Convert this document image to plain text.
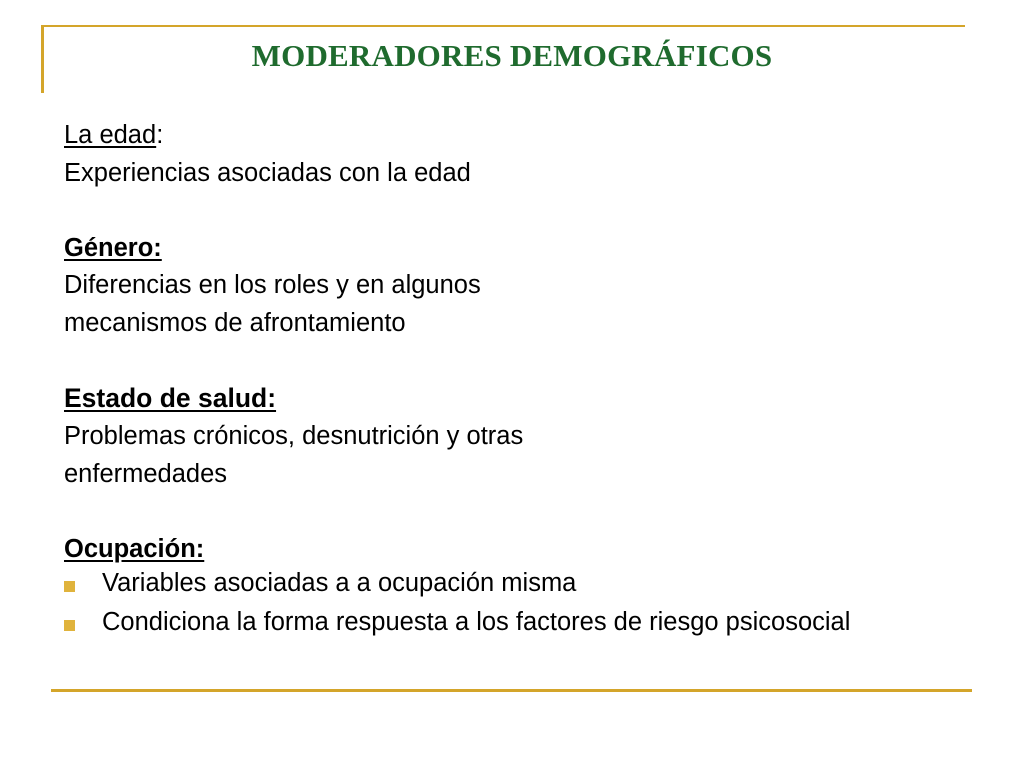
MODERADORES DEMOGRÁFICOS
La edad:
Experiencias asociadas con la edad
Género:
Diferencias en los roles y en algunos
mecanismos de afrontamiento
Estado de salud:
Problemas crónicos, desnutrición y otras
enfermedades
Ocupación:
Variables asociadas a a ocupación misma
Condiciona la forma respuesta a los factores de riesgo psicosocial
